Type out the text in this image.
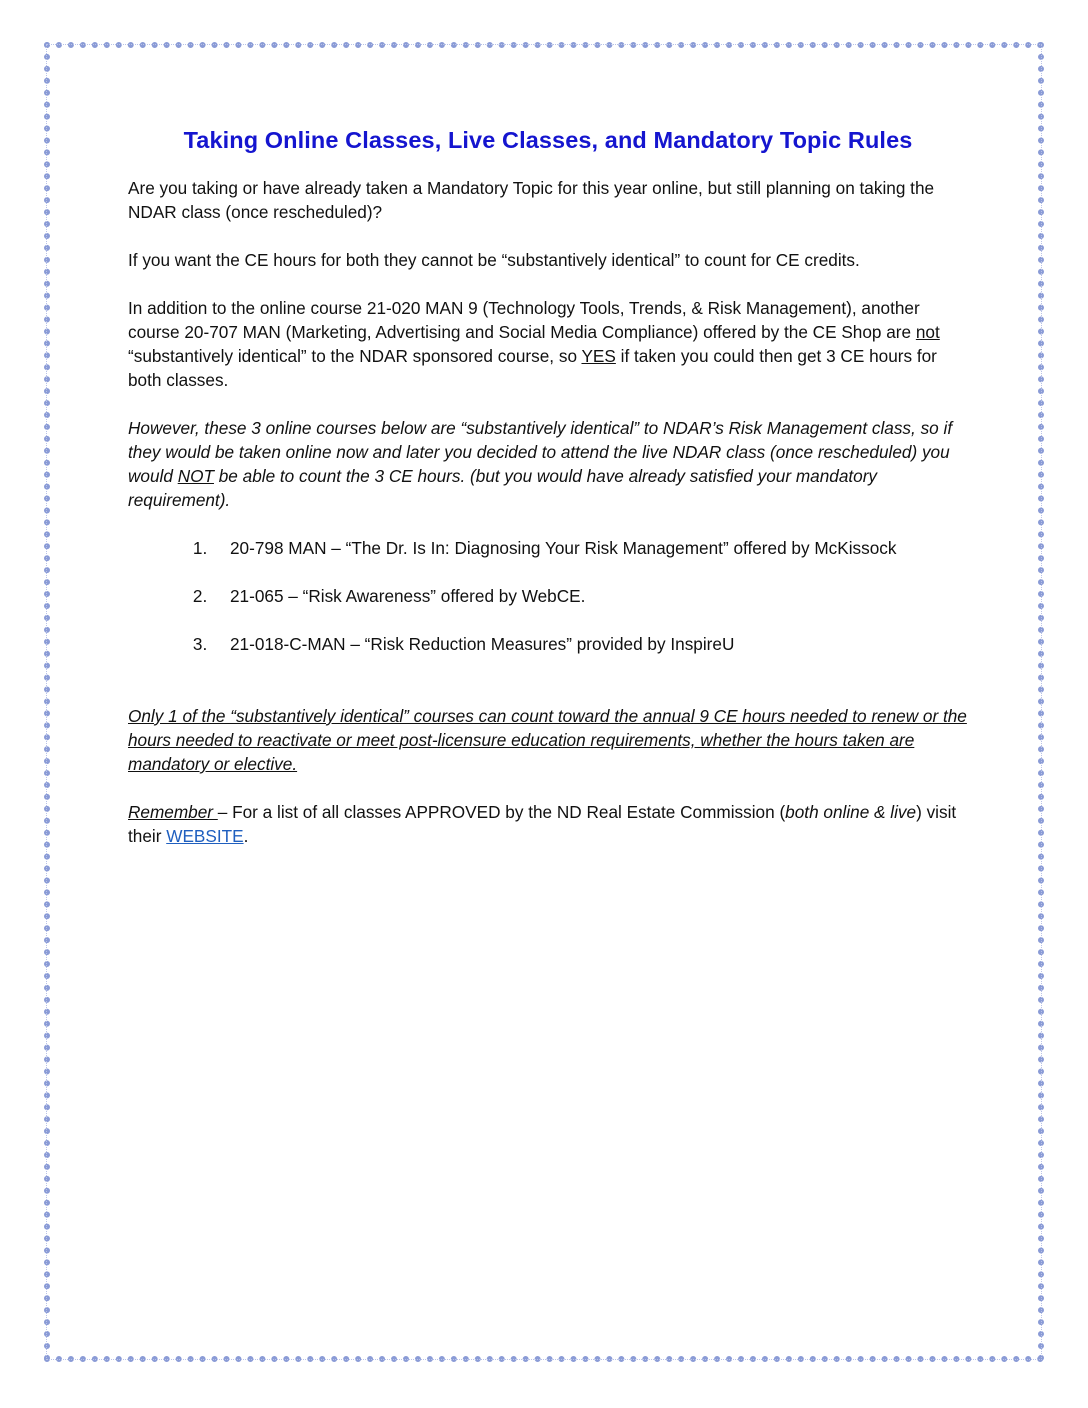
Taking Online Classes, Live Classes, and Mandatory Topic Rules

Are you taking or have already taken a Mandatory Topic for this year online, but still planning on taking the NDAR class (once rescheduled)?

If you want the CE hours for both they cannot be “substantively identical” to count for CE credits.

In addition to the online course 21-020 MAN 9 (Technology Tools, Trends, & Risk Management), another course 20-707 MAN (Marketing, Advertising and Social Media Compliance) offered by the CE Shop are not “substantively identical” to the NDAR sponsored course, so YES if taken you could then get 3 CE hours for both classes.

However, these 3 online courses below are “substantively identical” to NDAR’s Risk Management class, so if they would be taken online now and later you decided to attend the live NDAR class (once rescheduled) you would NOT be able to count the 3 CE hours. (but you would have already satisfied your mandatory requirement).

1. 20-798 MAN – “The Dr. Is In: Diagnosing Your Risk Management” offered by McKissock
2. 21-065 – “Risk Awareness” offered by WebCE.
3. 21-018-C-MAN – “Risk Reduction Measures” provided by InspireU

Only 1 of the “substantively identical” courses can count toward the annual 9 CE hours needed to renew or the hours needed to reactivate or meet post-licensure education requirements, whether the hours taken are mandatory or elective.

Remember – For a list of all classes APPROVED by the ND Real Estate Commission (both online & live) visit their WEBSITE.
